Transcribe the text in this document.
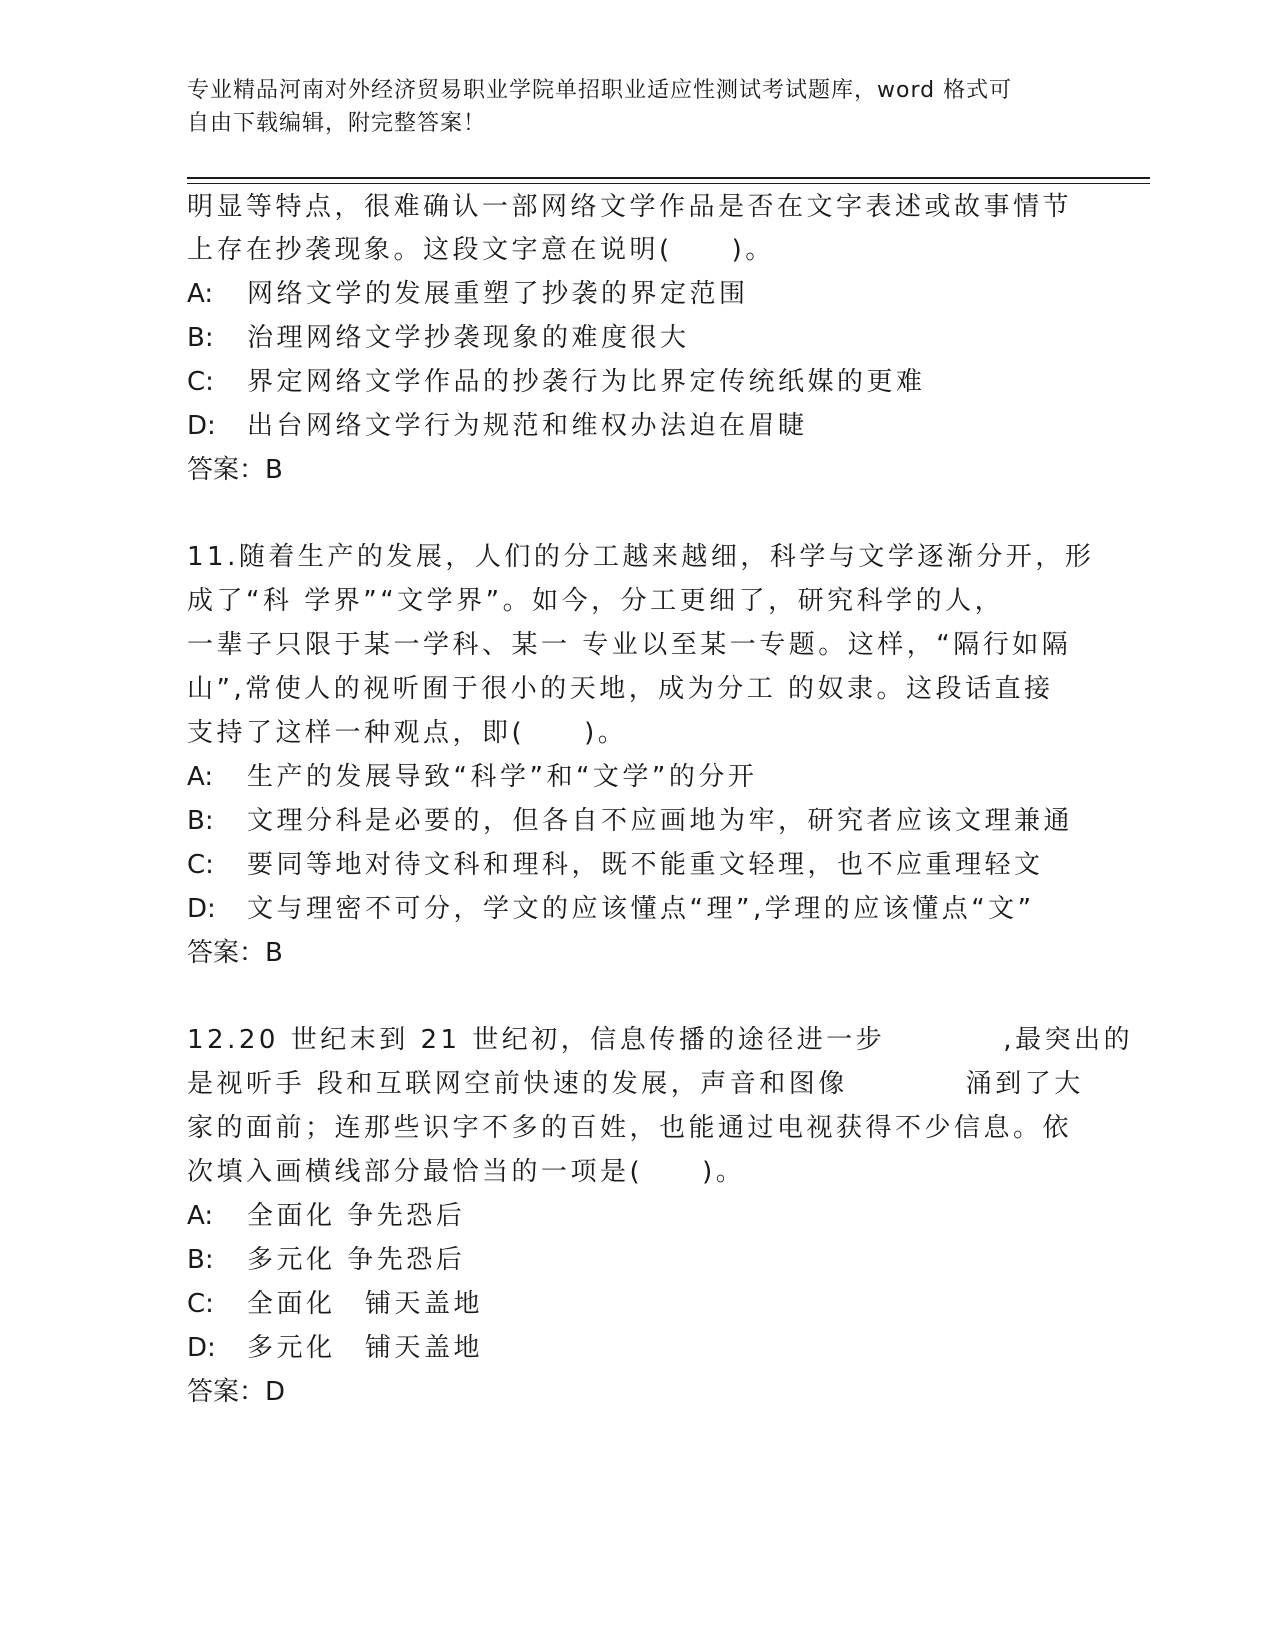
专业精品河南对外经济贸易职业学院单招职业适应性测试考试题库，word 格式可
自由下载编辑，附完整答案！
明显等特点，很难确认一部网络文学作品是否在文字表述或故事情节
上存在抄袭现象。这段文字意在说明(　　)。
A: 网络文学的发展重塑了抄袭的界定范围
B: 治理网络文学抄袭现象的难度很大
C: 界定网络文学作品的抄袭行为比界定传统纸媒的更难
D: 出台网络文学行为规范和维权办法迫在眉睫
答案：B
11.随着生产的发展，人们的分工越来越细，科学与文学逐渐分开，形
成了“科 学界”“文学界”。如今，分工更细了，研究科学的人，
一辈子只限于某一学科、某一 专业以至某一专题。这样，“隔行如隔
山”,常使人的视听囿于很小的天地，成为分工 的奴隶。这段话直接
支持了这样一种观点，即(　　)。
A: 生产的发展导致“科学”和“文学”的分开
B: 文理分科是必要的，但各自不应画地为牢，研究者应该文理兼通
C: 要同等地对待文科和理科，既不能重文轻理，也不应重理轻文
D: 文与理密不可分，学文的应该懂点“理”,学理的应该懂点“文”
答案：B
12.20 世纪末到 21 世纪初，信息传播的途径进一步　　　　,最突出的
是视听手 段和互联网空前快速的发展，声音和图像　　　　涌到了大
家的面前；连那些识字不多的百姓，也能通过电视获得不少信息。依
次填入画横线部分最恰当的一项是(　　)。
A: 全面化 争先恐后
B: 多元化 争先恐后
C: 全面化　铺天盖地
D: 多元化　铺天盖地
答案：D
